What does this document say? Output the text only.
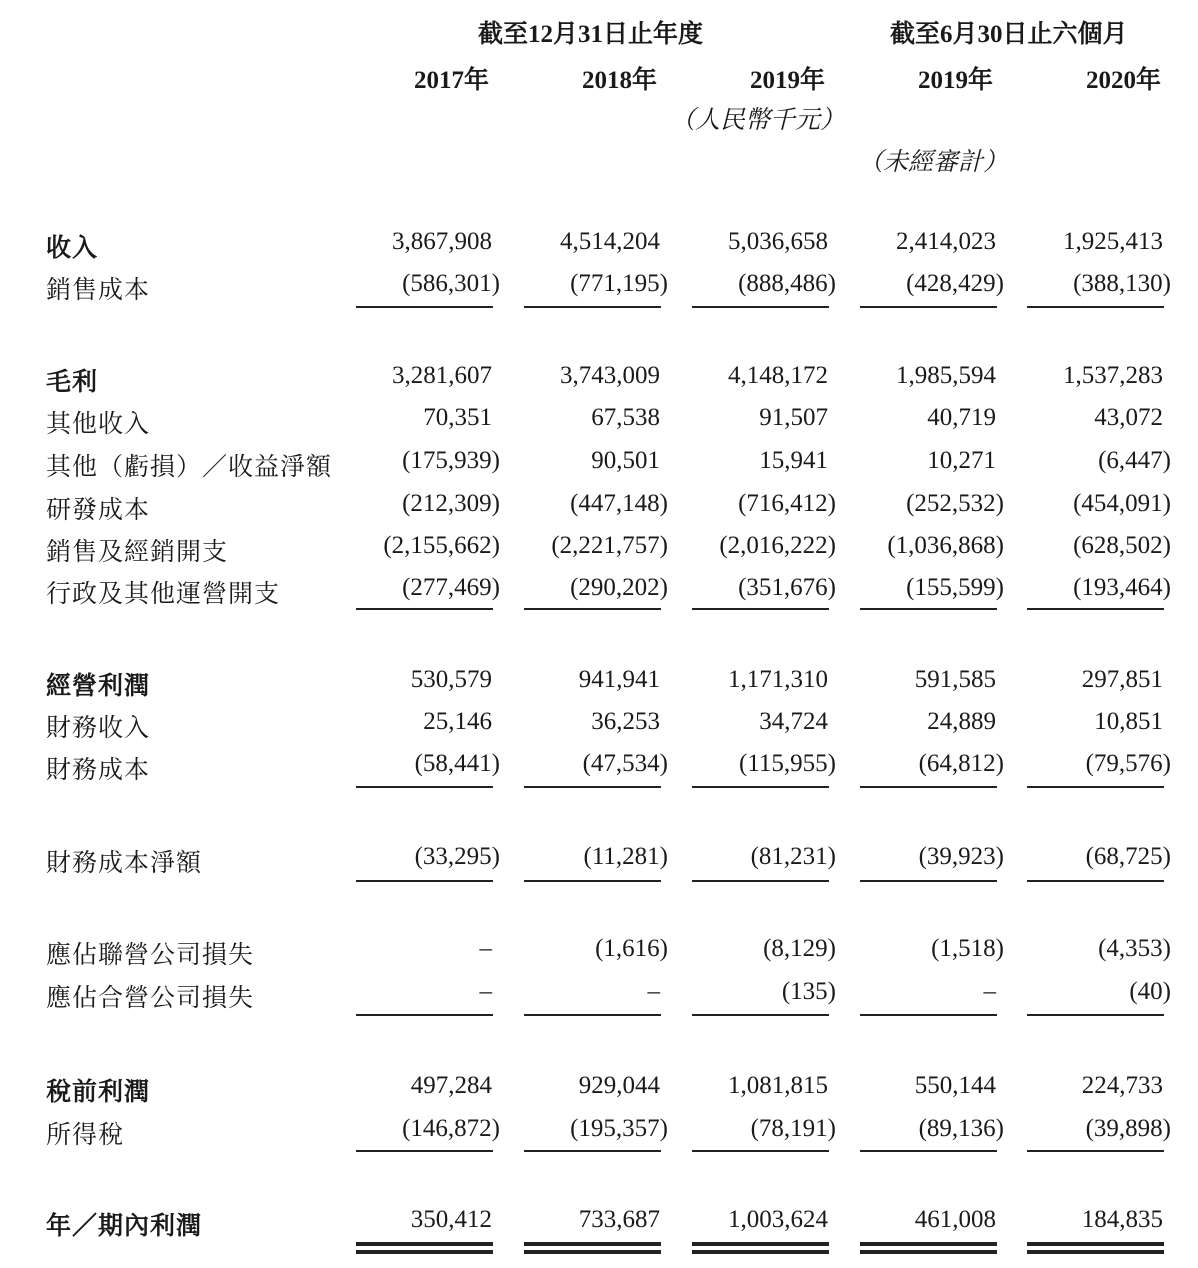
截至12月31日止年度	截至6月30日止六個月
2017年	2018年	2019年	2019年	2020年
（人民幣千元）
（未經審計）
收入	3,867,908	4,514,204	5,036,658	2,414,023	1,925,413
銷售成本	(586,301)	(771,195)	(888,486)	(428,429)	(388,130)
毛利	3,281,607	3,743,009	4,148,172	1,985,594	1,537,283
其他收入	70,351	67,538	91,507	40,719	43,072
其他（虧損）／收益淨額	(175,939)	90,501	15,941	10,271	(6,447)
研發成本	(212,309)	(447,148)	(716,412)	(252,532)	(454,091)
銷售及經銷開支	(2,155,662)	(2,221,757)	(2,016,222)	(1,036,868)	(628,502)
行政及其他運營開支	(277,469)	(290,202)	(351,676)	(155,599)	(193,464)
經營利潤	530,579	941,941	1,171,310	591,585	297,851
財務收入	25,146	36,253	34,724	24,889	10,851
財務成本	(58,441)	(47,534)	(115,955)	(64,812)	(79,576)
財務成本淨額	(33,295)	(11,281)	(81,231)	(39,923)	(68,725)
應佔聯營公司損失	–	(1,616)	(8,129)	(1,518)	(4,353)
應佔合營公司損失	–	–	(135)	–	(40)
稅前利潤	497,284	929,044	1,081,815	550,144	224,733
所得稅	(146,872)	(195,357)	(78,191)	(89,136)	(39,898)
年／期內利潤	350,412	733,687	1,003,624	461,008	184,835
